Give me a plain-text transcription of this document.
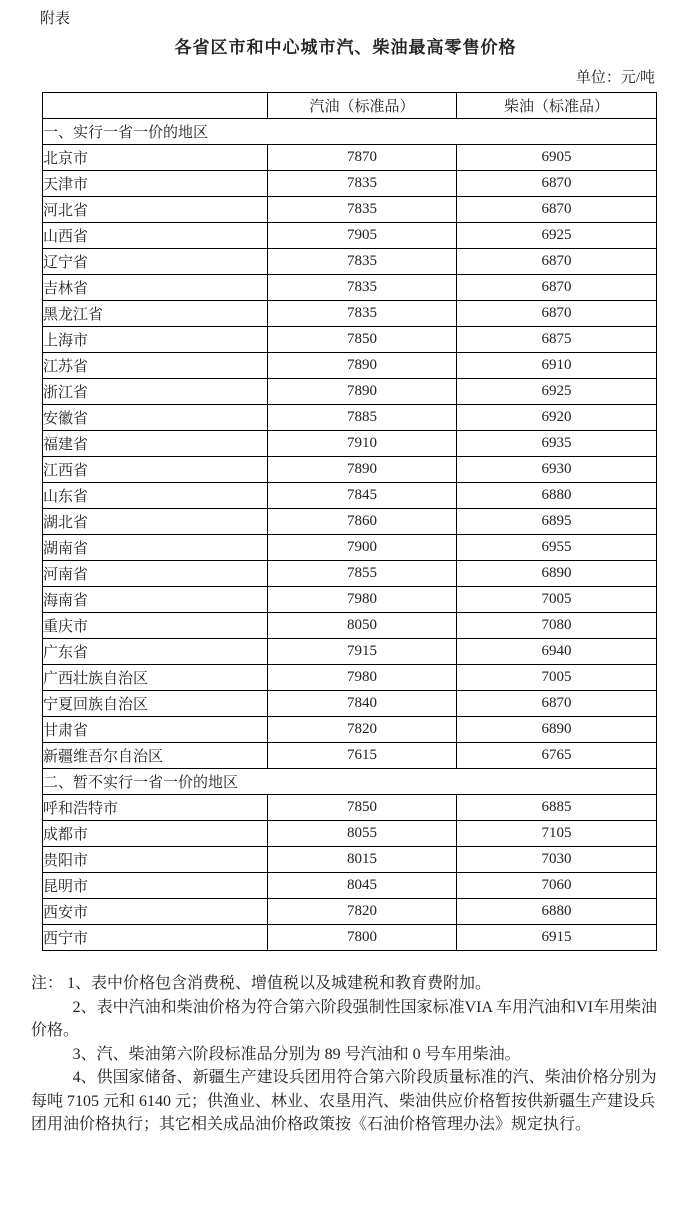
附表
各省区市和中心城市汽、柴油最高零售价格
单位：元/吨
	汽油（标准品）	柴油（标准品）
一、实行一省一价的地区		
北京市	7870	6905
天津市	7835	6870
河北省	7835	6870
山西省	7905	6925
辽宁省	7835	6870
吉林省	7835	6870
黑龙江省	7835	6870
上海市	7850	6875
江苏省	7890	6910
浙江省	7890	6925
安徽省	7885	6920
福建省	7910	6935
江西省	7890	6930
山东省	7845	6880
湖北省	7860	6895
湖南省	7900	6955
河南省	7855	6890
海南省	7980	7005
重庆市	8050	7080
广东省	7915	6940
广西壮族自治区	7980	7005
宁夏回族自治区	7840	6870
甘肃省	7820	6890
新疆维吾尔自治区	7615	6765
二、暂不实行一省一价的地区		
呼和浩特市	7850	6885
成都市	8055	7105
贵阳市	8015	7030
昆明市	8045	7060
西安市	7820	6880
西宁市	7800	6915

注： 1、表中价格包含消费税、增值税以及城建税和教育费附加。

2、表中汽油和柴油价格为符合第六阶段强制性国家标准VIA 车用汽油和VI车用柴油价格。

3、汽、柴油第六阶段标准品分别为 89 号汽油和 0 号车用柴油。

4、供国家储备、新疆生产建设兵团用符合第六阶段质量标准的汽、柴油价格分别为每吨 7105 元和 6140 元；供渔业、林业、农垦用汽、柴油供应价格暂按供新疆生产建设兵团用油价格执行；其它相关成品油价格政策按《石油价格管理办法》规定执行。
